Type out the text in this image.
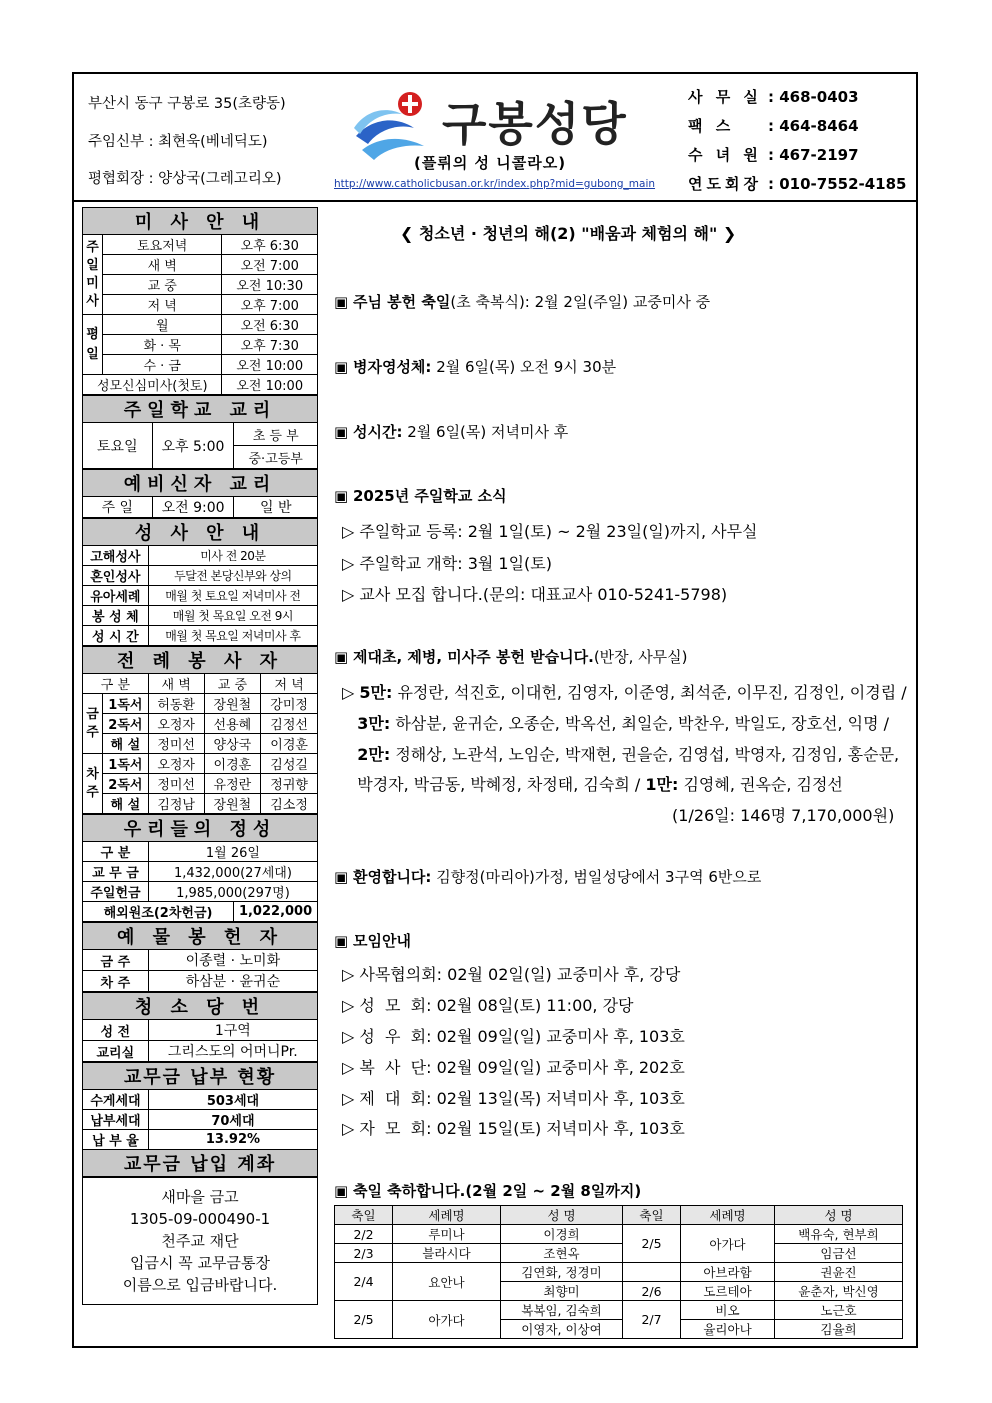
부산시 동구 구봉로 35(초량동)
주임신부 : 최현욱(베네딕도)
평협회장 : 양상국(그레고리오)
구봉성당
(플뤼의 성 니콜라오)
http://www.catholicbusan.or.kr/index.php?mid=gubong_main
사 무 실 : 468-0403
팩 스 : 464-8464
수 녀 원 : 467-2197
연도회장 : 010-7552-4185
미 사 안 내		
주일미사	토요저녁	오후 6:30
	새 벽	오전 7:00
	교 중	오전 10:30
	저 녁	오후 7:00
평일	월	오전 6:30
	화 · 목	오후 7:30
	수 · 금	오전 10:00
성모신심미사(첫토)		오전 10:00
주일학교 교리
토요일	오후 5:00	초 등 부
중·고등부
예비신자 교리
주 일	오전 9:00	일 반
성 사 안 내	
고해성사	미사 전 20분
혼인성사	두달전 본당신부와 상의
유아세례	매월 첫 토요일 저녁미사 전
봉 성 체	매월 첫 목요일 오전 9시
성 시 간	매월 첫 목요일 저녁미사 후
전 례 봉 사 자				
구 분		새 벽	교 중	저 녁
금주	1독서	허동환	장원철	강미정
	2독서	오정자	선용혜	김정선
	해 설	정미선	양상국	이경훈
차주	1독서	오정자	이경훈	김성길
	2독서	정미선	유정란	정귀향
	해 설	김정남	장원철	김소정
우리들의 정성		
구 분	1월 26일	
교 무 금	1,432,000(27세대)	
주일헌금	1,985,000(297명)	
해외원조(2차헌금)		1,022,000
예 물 봉 헌 자	
금 주	이종렬 · 노미화
차 주	하삼분 · 윤귀순
청 소 당 번	
성 전	1구역
교리실	그리스도의 어머니Pr.
교무금 납부 현황	
수게세대	503세대
납부세대	70세대
납 부 율	13.92%
교무금 납입 계좌	
새마을 금고
1305-09-000490-1
천주교 재단
입금시 꼭 교무금통장
이름으로 입금바랍니다.
❮ 청소년 · 청년의 해(2) "배움과 체험의 해" ❯
▣ 주님 봉헌 축일(초 축복식): 2월 2일(주일) 교중미사 중
▣ 병자영성체: 2월 6일(목) 오전 9시 30분
▣ 성시간: 2월 6일(목) 저녁미사 후
▣ 2025년 주일학교 소식
▷ 주일학교 등록: 2월 1일(토) ~ 2월 23일(일)까지, 사무실
▷ 주일학교 개학: 3월 1일(토)
▷ 교사 모집 합니다.(문의: 대표교사 010-5241-5798)
▣ 제대초, 제병, 미사주 봉헌 받습니다.(반장, 사무실)
▷ 5만: 유정란, 석진호, 이대헌, 김영자, 이준영, 최석준, 이무진, 김정인, 이경립 /
3만: 하삼분, 윤귀순, 오종순, 박옥선, 최일순, 박찬우, 박일도, 장호선, 익명 /
2만: 정해상, 노관석, 노임순, 박재현, 권을순, 김영섭, 박영자, 김정임, 홍순문,
박경자, 박금동, 박혜정, 차정태, 김숙희 / 1만: 김영혜, 권옥순, 김정선
(1/26일: 146명 7,170,000원)
▣ 환영합니다: 김향정(마리아)가정, 범일성당에서 3구역 6반으로
▣ 모임안내
▷ 사목협의회: 02월 02일(일) 교중미사 후, 강당
▷ 성  모  회: 02월 08일(토) 11:00, 강당
▷ 성  우  회: 02월 09일(일) 교중미사 후, 103호
▷ 복  사  단: 02월 09일(일) 교중미사 후, 202호
▷ 제  대  회: 02월 13일(목) 저녁미사 후, 103호
▷ 자  모  회: 02월 15일(토) 저녁미사 후, 103호
▣ 축일 축하합니다.(2월 2일 ~ 2월 8일까지)
축일	세례명	성 명	축일	세례명	성 명
2/2	루미나	이경희	2/5	아가다	백유숙, 현부희
2/3	블라시다	조현옥			임금선
2/4	요안나	김연화, 정경미		아브라함	권윤진
		최향미	2/6	도르테아	윤춘자, 박신영
2/5	아가다	복복임, 김숙희	2/7	비오	노근호
		이영자, 이상여		율리아나	김율희
